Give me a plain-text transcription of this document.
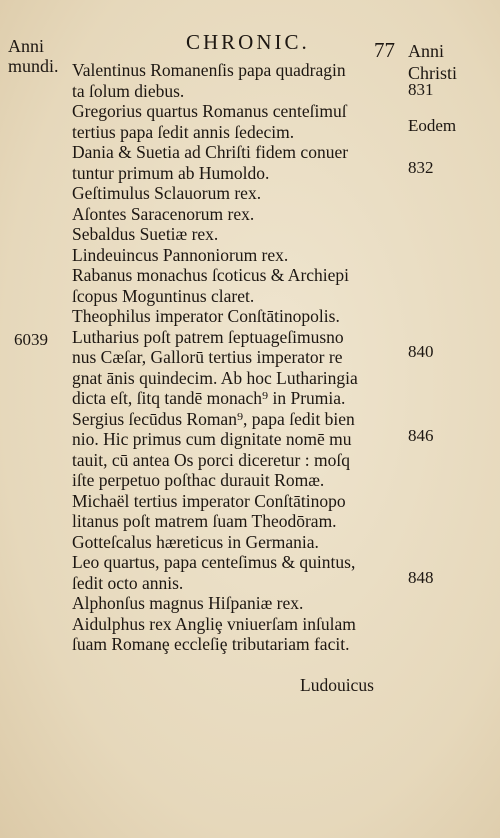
Anni
mundi.
CHRONIC.	77 Anni
Christi
Valentinus Romanenſis papa quadragin
ta ſolum diebus.
Gregorius quartus Romanus centeſimuſ
tertius papa ſedit annis ſedecim.
Dania & Suetia ad Chriſti fidem conuer
tuntur primum ab Humoldo.
Geſtimulus Sclauorum rex.
Aſontes Saracenorum rex.
Sebaldus Suetiæ rex.
Lindeuincus Pannoniorum rex.
Rabanus monachus ſcoticus & Archiepi
ſcopus Moguntinus claret.
Theophilus imperator Conſtātinopolis.
Lutharius poſt patrem ſeptuageſimusno
nus Cæſar, Gallorū tertius imperator re
gnat ānis quindecim. Ab hoc Lutharingia
dicta eſt, ſitq tandē monach⁹ in Prumia.
Sergius ſecūdus Roman⁹, papa ſedit bien
nio. Hic primus cum dignitate nomē mu
tauit, cū antea Os porci diceretur : moſq
iſte perpetuo poſthac durauit Romæ.
Michaël tertius imperator Conſtātinopo
litanus poſt matrem ſuam Theodōram.
Gotteſcalus hæreticus in Germania.
Leo quartus, papa centeſimus & quintus,
ſedit octo annis.
Alphonſus magnus Hiſpaniæ rex.
Aidulphus rex Angliȩ vniuerſam inſulam
ſuam Romanȩ eccleſiȩ tributariam facit.
6039
831
Eodem
832
840
846
848
Ludouicus
